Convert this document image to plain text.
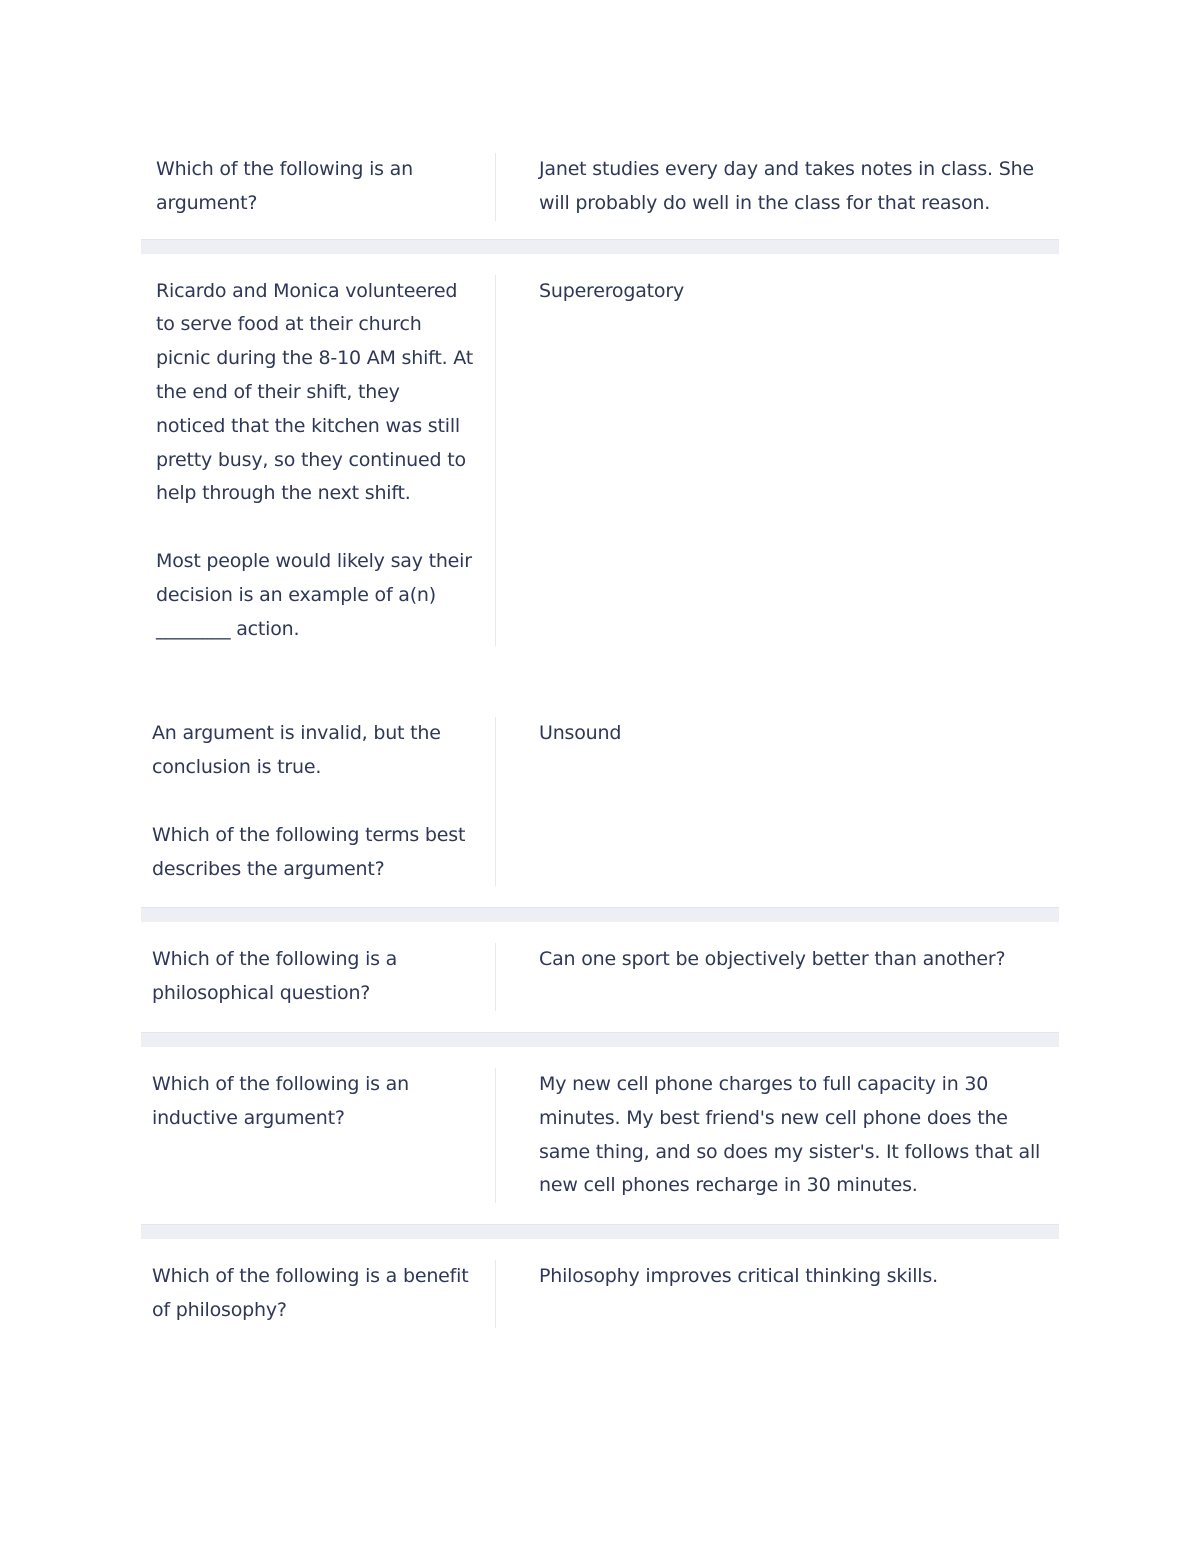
Which of the following is an argument?
Janet studies every day and takes notes in class. She will probably do well in the class for that reason.
Ricardo and Monica volunteered to serve food at their church picnic during the 8-10 AM shift. At the end of their shift, they noticed that the kitchen was still pretty busy, so they continued to help through the next shift.

Most people would likely say their decision is an example of a(n) ________ action.
Supererogatory
An argument is invalid, but the conclusion is true.

Which of the following terms best describes the argument?
Unsound
Which of the following is a philosophical question?
Can one sport be objectively better than another?
Which of the following is an inductive argument?
My new cell phone charges to full capacity in 30 minutes. My best friend's new cell phone does the same thing, and so does my sister's. It follows that all new cell phones recharge in 30 minutes.
Which of the following is a benefit of philosophy?
Philosophy improves critical thinking skills.
